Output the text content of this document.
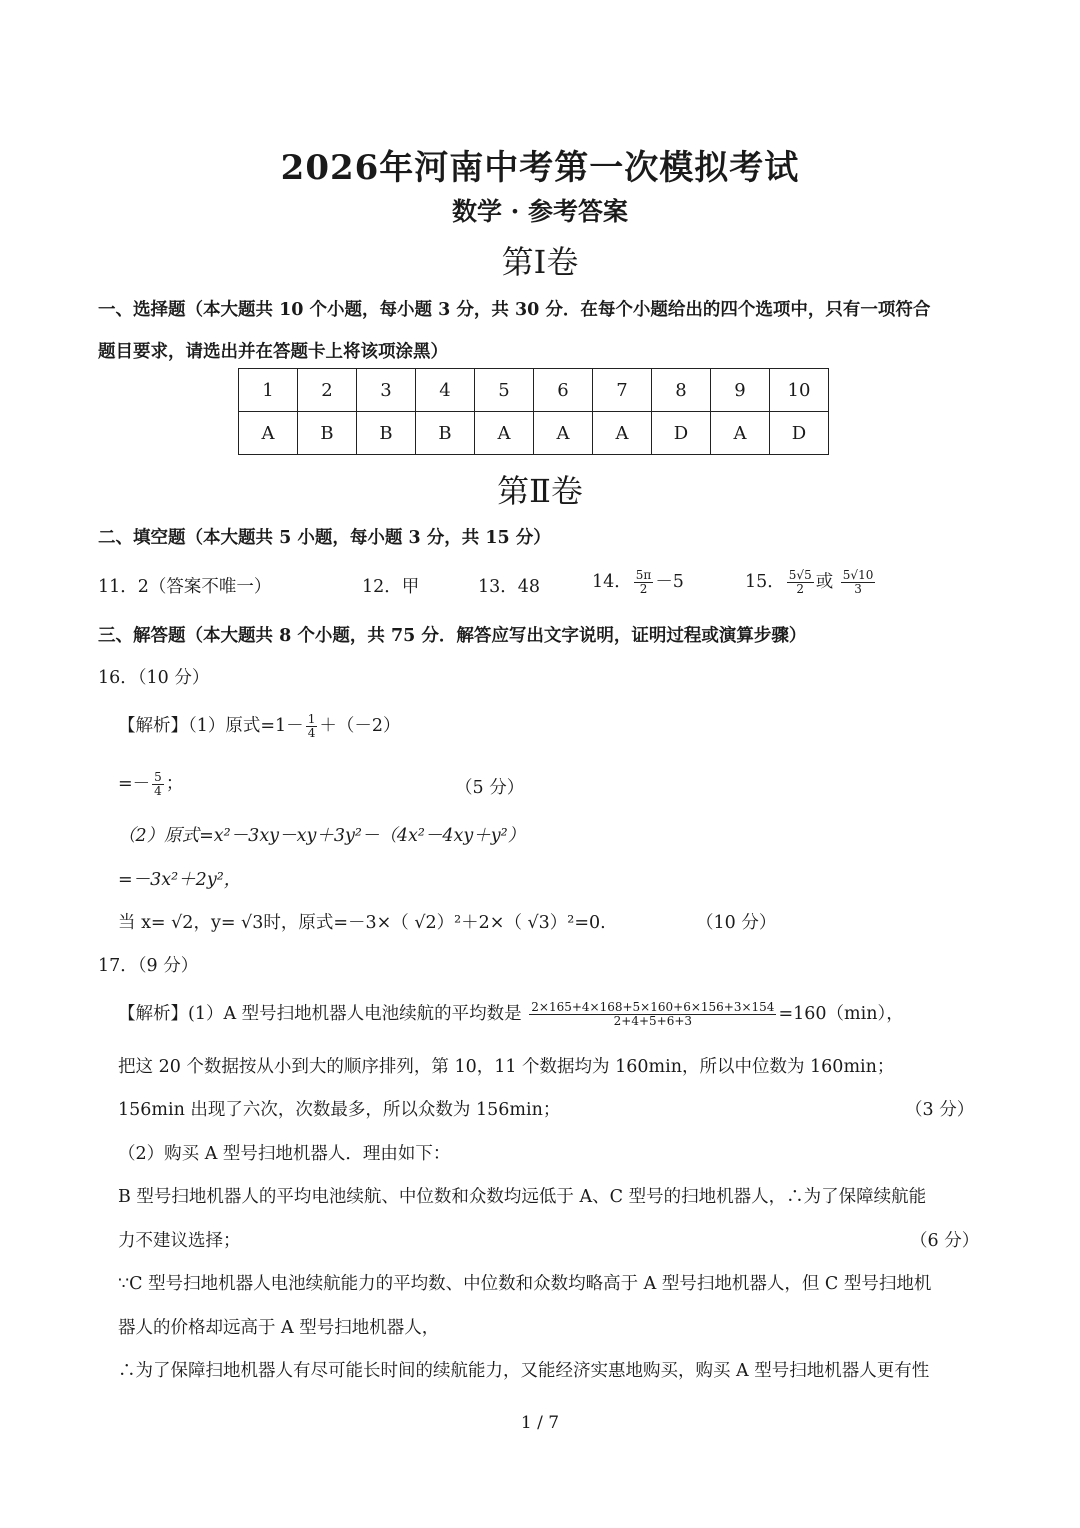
2026年河南中考第一次模拟考试
数学 · 参考答案
第Ⅰ卷
一、选择题（本大题共 10 个小题，每小题 3 分，共 30 分．在每个小题给出的四个选项中，只有一项符合
题目要求，请选出并在答题卡上将该项涂黑）
1	2	3	4	5	6	7	8	9	10
A	B	B	B	A	A	A	D	A	D
第Ⅱ卷
二、填空题（本大题共 5 小题，每小题 3 分，共 15 分）
11．2（答案不唯一）	12．甲	13．48	14． $\frac{5\pi}{2} -5$	15． $\frac{5√5}{2}$ 或 $\frac{5√10}{3}$
三、解答题（本大题共 8 个小题，共 75 分．解答应写出文字说明，证明过程或演算步骤）
16．（10 分）
【解析】（1）原式$=1- \frac{1}{4} +(-2)$
=－ $\frac{5}{4}$ ；	（5 分）
（2）原式=x²－3xy－xy＋3y²－（4x²－4xy＋y²）
=－3x²＋2y²，
当 x= √2，y= √3时，原式=－3×（ √2）²＋2×（ √3）²=0.	（10 分）
17．（9 分）
【解析】(1）A 型号扫地机器人电池续航的平均数是 $\frac{2\times 165+4\times 168+5\times 160+6\times 156+3\times 154}{2+4+5+6+3} =160(\min)$，
把这 20 个数据按从小到大的顺序排列，第 10，11 个数据均为 160min，所以中位数为 160min；
156min 出现了六次，次数最多，所以众数为 156min；	（3 分）
（2）购买 A 型号扫地机器人．理由如下：
B 型号扫地机器人的平均电池续航、中位数和众数均远低于 A、C 型号的扫地机器人，∴为了保障续航能
力不建议选择；	（6 分）
∵C 型号扫地机器人电池续航能力的平均数、中位数和众数均略高于 A 型号扫地机器人，但 C 型号扫地机
器人的价格却远高于 A 型号扫地机器人，
∴为了保障扫地机器人有尽可能长时间的续航能力，又能经济实惠地购买，购买 A 型号扫地机器人更有性
1 / 7
